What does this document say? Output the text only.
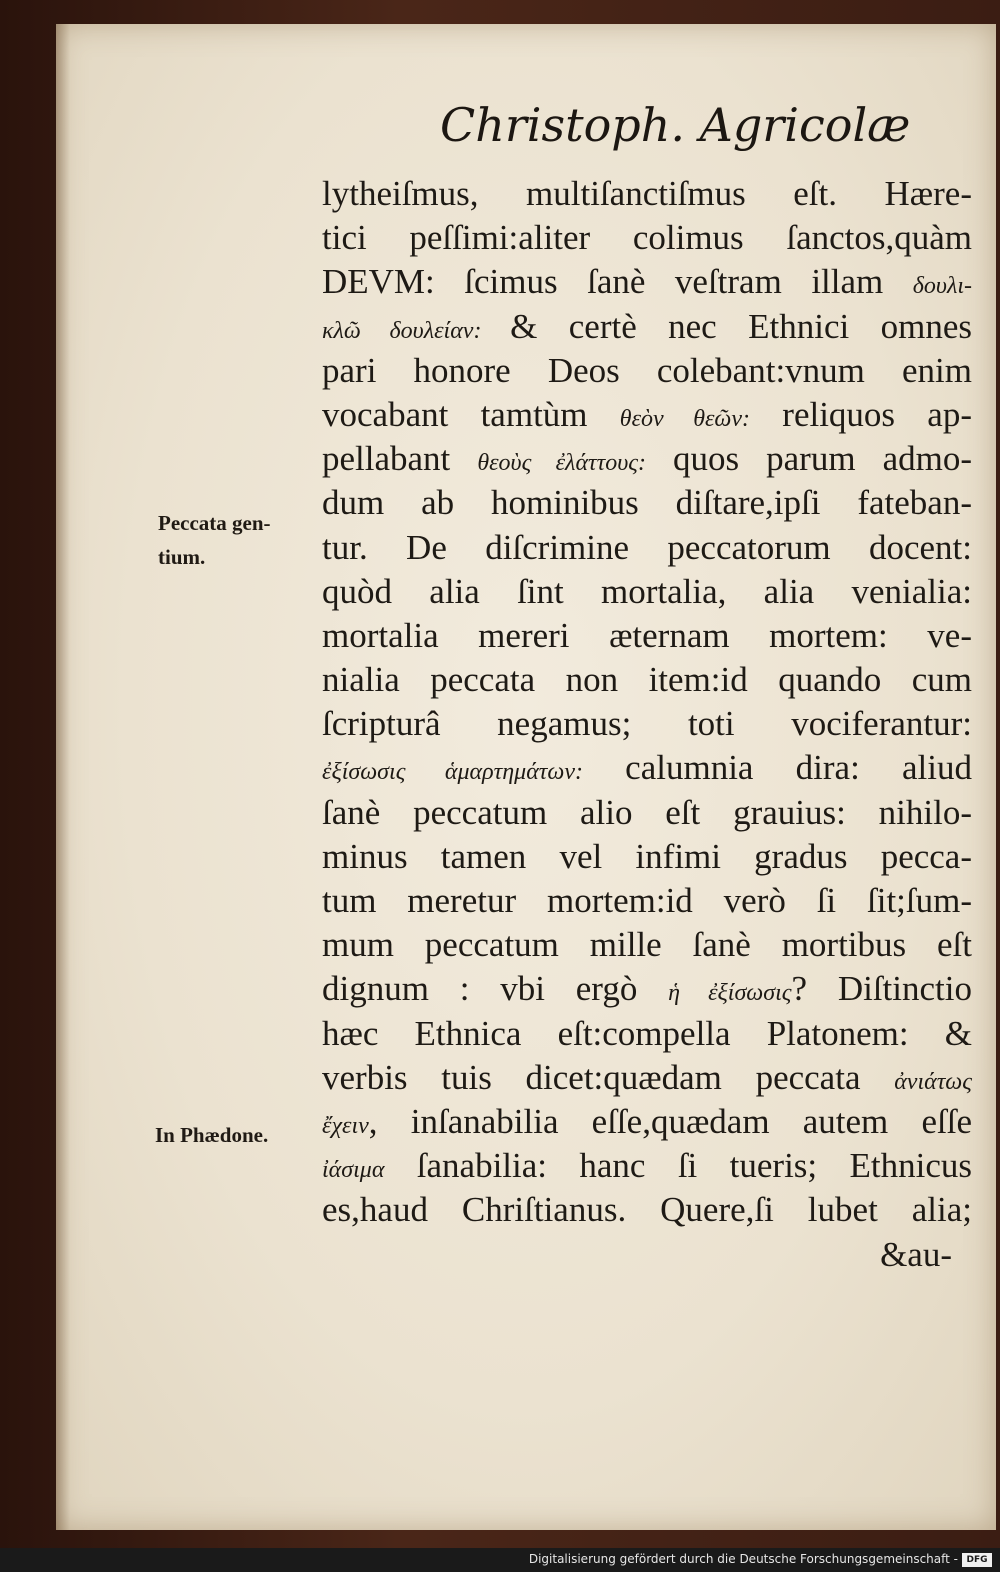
Christoph. Agricolæ
lytheiſmus, multiſanctiſmus eſt. Hære-
tici peſſimi:aliter colimus ſanctos,quàm
DEVM: ſcimus ſanè veſtram illam δουλι-
κλῶ δουλείαν: & certè nec Ethnici omnes
pari honore Deos colebant:vnum enim
vocabant tamtùm θεὸν θεῶν: reliquos ap-
pellabant θεοὺς ἐλάττους: quos parum admo-
dum ab hominibus diſtare,ipſi fateban-
tur. De diſcrimine peccatorum docent:
quòd alia ſint mortalia, alia venialia:
mortalia mereri æternam mortem: ve-
nialia peccata non item:id quando cum
ſcripturâ negamus; toti vociferantur:
ἐξίσωσις ἁμαρτημάτων: calumnia dira: aliud
ſanè peccatum alio eſt grauius: nihilo-
minus tamen vel infimi gradus pecca-
tum meretur mortem:id verò ſi ſit;ſum-
mum peccatum mille ſanè mortibus eſt
dignum : vbi ergò ἡ ἐξίσωσις? Diſtinctio
hæc Ethnica eſt:compella Platonem: &
verbis tuis dicet:quædam peccata ἀνιάτως
ἔχειν, inſanabilia eſſe,quædam autem eſſe
ἰάσιμα ſanabilia: hanc ſi tueris; Ethnicus
es,haud Chriſtianus. Quere,ſi lubet alia;
&au-
Peccata gen-
tium.
In Phædone.
Digitalisierung gefördert durch die Deutsche Forschungsgemeinschaft - DFG
